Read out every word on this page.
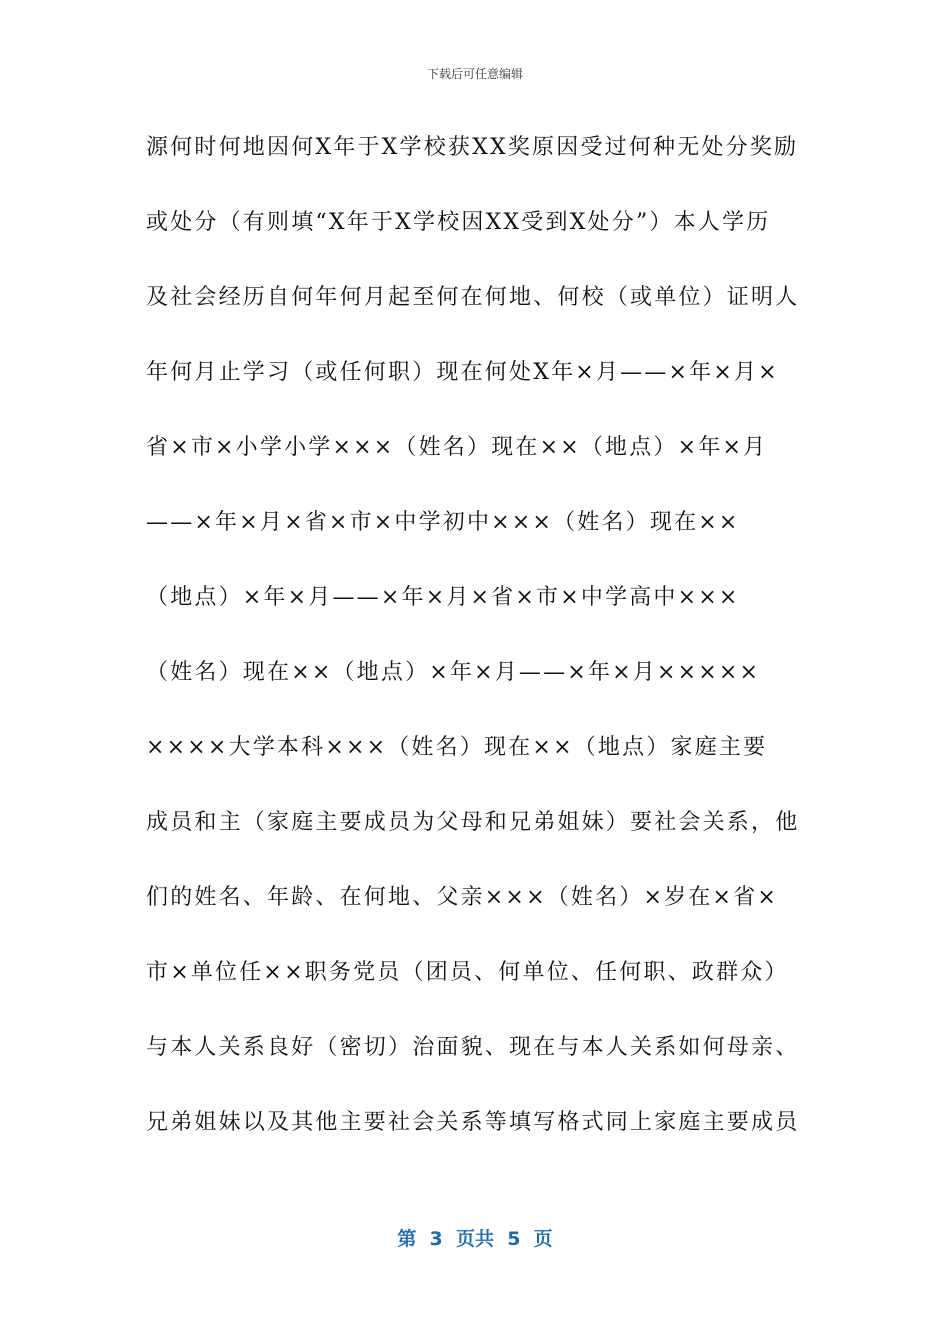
下载后可任意编辑
源何时何地因何X年于X学校获XX奖原因受过何种无处分奖励
或处分（有则填“X年于X学校因XX受到X处分”）本人学历
及社会经历自何年何月起至何在何地、何校（或单位）证明人
年何月止学习（或任何职）现在何处X年×月——×年×月×
省×市×小学小学×××（姓名）现在××（地点）×年×月
——×年×月×省×市×中学初中×××（姓名）现在××
（地点）×年×月——×年×月×省×市×中学高中×××
（姓名）现在××（地点）×年×月——×年×月×××××
××××大学本科×××（姓名）现在××（地点）家庭主要
成员和主（家庭主要成员为父母和兄弟姐妹）要社会关系，他
们的姓名、年龄、在何地、父亲×××（姓名）×岁在×省×
市×单位任××职务党员（团员、何单位、任何职、政群众）
与本人关系良好（密切）治面貌、现在与本人关系如何母亲、
兄弟姐妹以及其他主要社会关系等填写格式同上家庭主要成员
第  3  页共  5  页
